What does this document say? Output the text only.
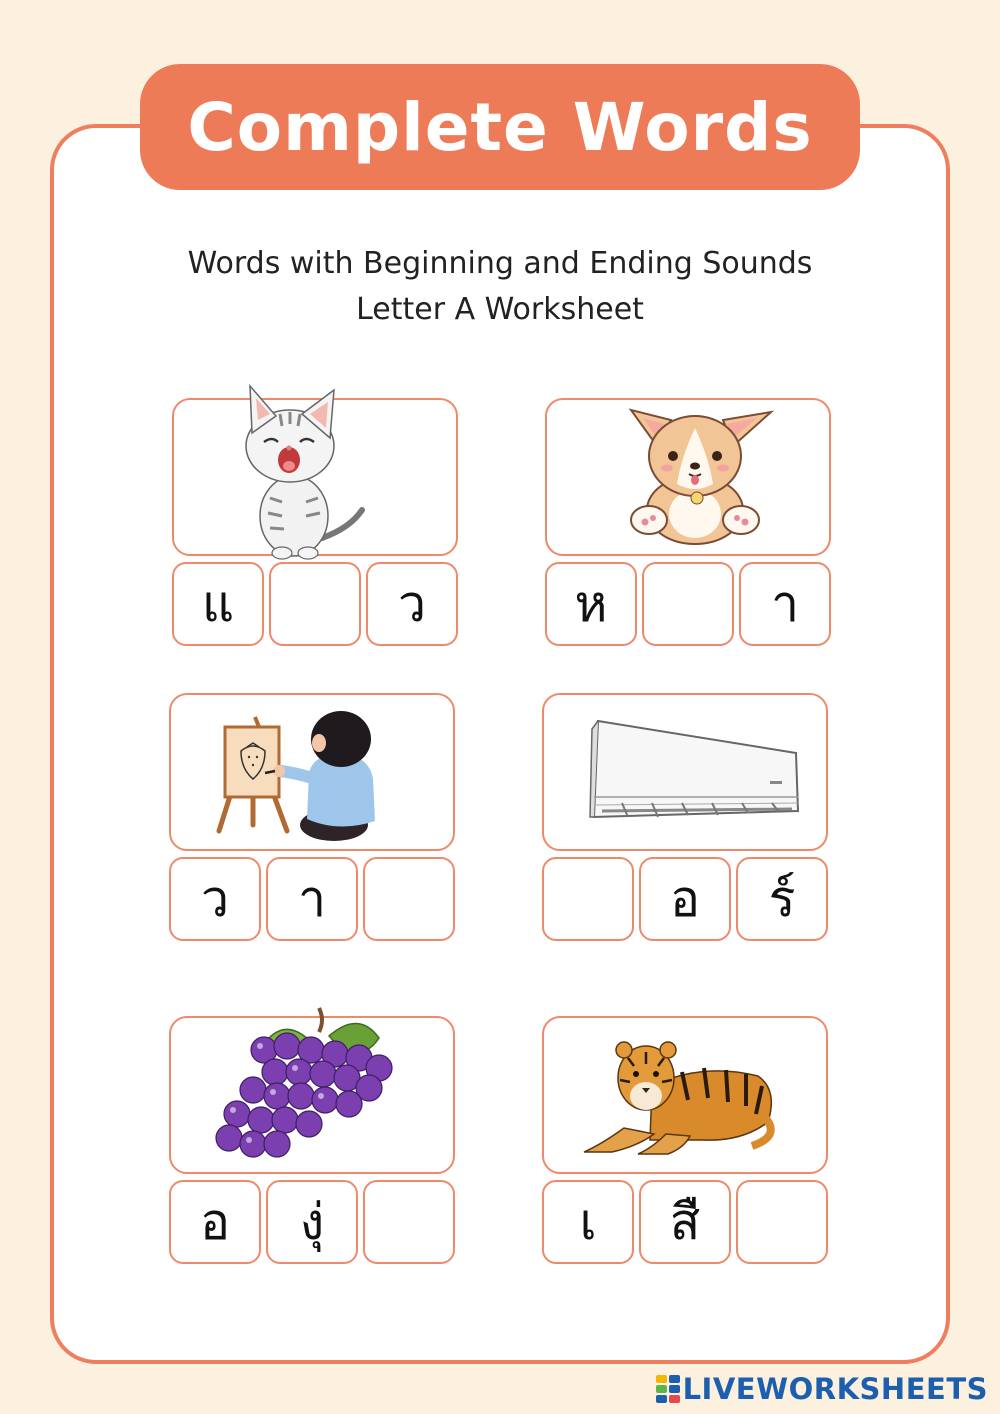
Complete Words
Words with Beginning and Ending Sounds
Letter A Worksheet
แ	ว	ห	า
ว	า	อ	ร์
อ	งุ่	เ	สื
LIVEWORKSHEETS
